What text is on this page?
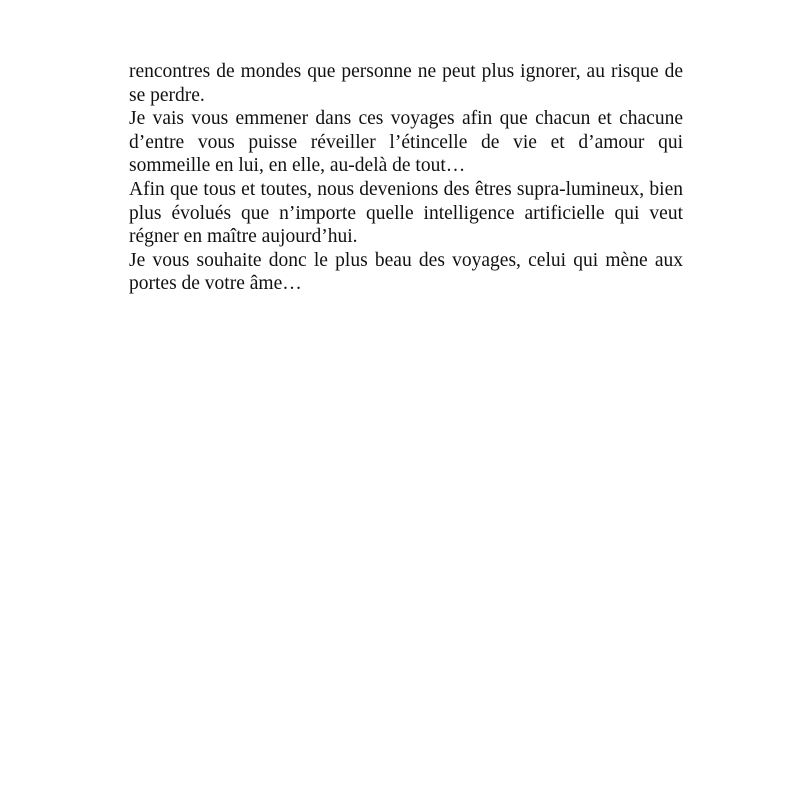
rencontres de mondes que personne ne peut plus ignorer, au risque de se perdre.

Je vais vous emmener dans ces voyages afin que chacun et chacune d’entre vous puisse réveiller l’étincelle de vie et d’amour qui sommeille en lui, en elle, au-delà de tout…

Afin que tous et toutes, nous devenions des êtres supra-lumineux, bien plus évolués que n’importe quelle intelligence artificielle qui veut régner en maître aujourd’hui.

Je vous souhaite donc le plus beau des voyages, celui qui mène aux portes de votre âme…
